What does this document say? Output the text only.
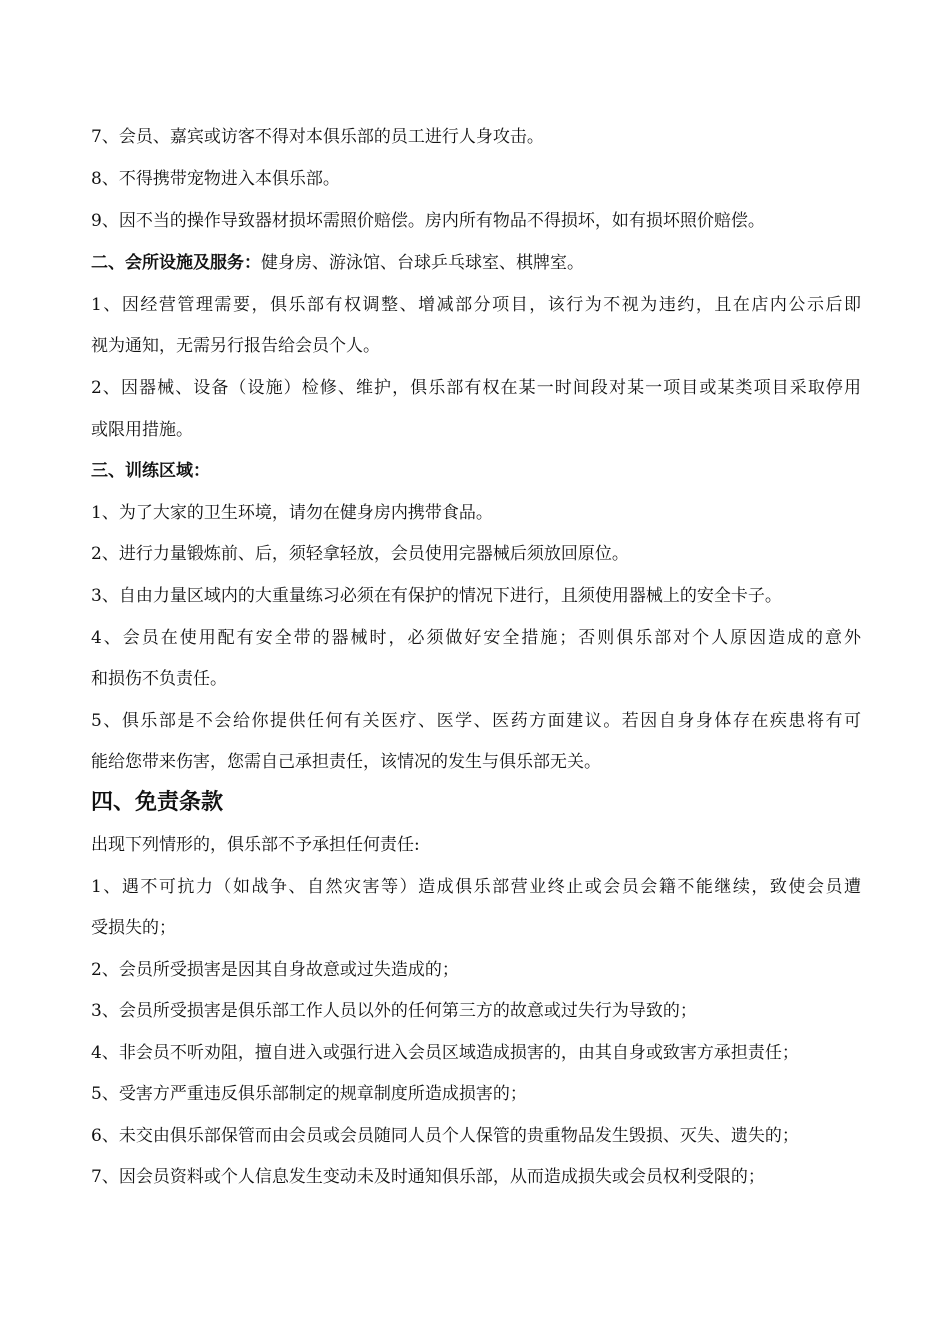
7、会员、嘉宾或访客不得对本俱乐部的员工进行人身攻击。

8、不得携带宠物进入本俱乐部。

9、因不当的操作导致器材损坏需照价赔偿。房内所有物品不得损坏，如有损坏照价赔偿。

二、会所设施及服务：健身房、游泳馆、台球乒乓球室、棋牌室。

1、因经营管理需要，俱乐部有权调整、增减部分项目，该行为不视为违约，且在店内公示后即

视为通知，无需另行报告给会员个人。

2、因器械、设备（设施）检修、维护，俱乐部有权在某一时间段对某一项目或某类项目采取停用

或限用措施。

三、训练区域：

1、为了大家的卫生环境，请勿在健身房内携带食品。

2、进行力量锻炼前、后，须轻拿轻放，会员使用完器械后须放回原位。

3、自由力量区域内的大重量练习必须在有保护的情况下进行，且须使用器械上的安全卡子。

4、会员在使用配有安全带的器械时，必须做好安全措施；否则俱乐部对个人原因造成的意外

和损伤不负责任。

5、俱乐部是不会给你提供任何有关医疗、医学、医药方面建议。若因自身身体存在疾患将有可

能给您带来伤害，您需自己承担责任，该情况的发生与俱乐部无关。

四、免责条款

出现下列情形的，俱乐部不予承担任何责任:

1、遇不可抗力（如战争、自然灾害等）造成俱乐部营业终止或会员会籍不能继续，致使会员遭

受损失的；

2、会员所受损害是因其自身故意或过失造成的；

3、会员所受损害是俱乐部工作人员以外的任何第三方的故意或过失行为导致的；

4、非会员不听劝阻，擅自进入或强行进入会员区域造成损害的，由其自身或致害方承担责任；

5、受害方严重违反俱乐部制定的规章制度所造成损害的；

6、未交由俱乐部保管而由会员或会员随同人员个人保管的贵重物品发生毁损、灭失、遗失的；

7、因会员资料或个人信息发生变动未及时通知俱乐部，从而造成损失或会员权利受限的；
